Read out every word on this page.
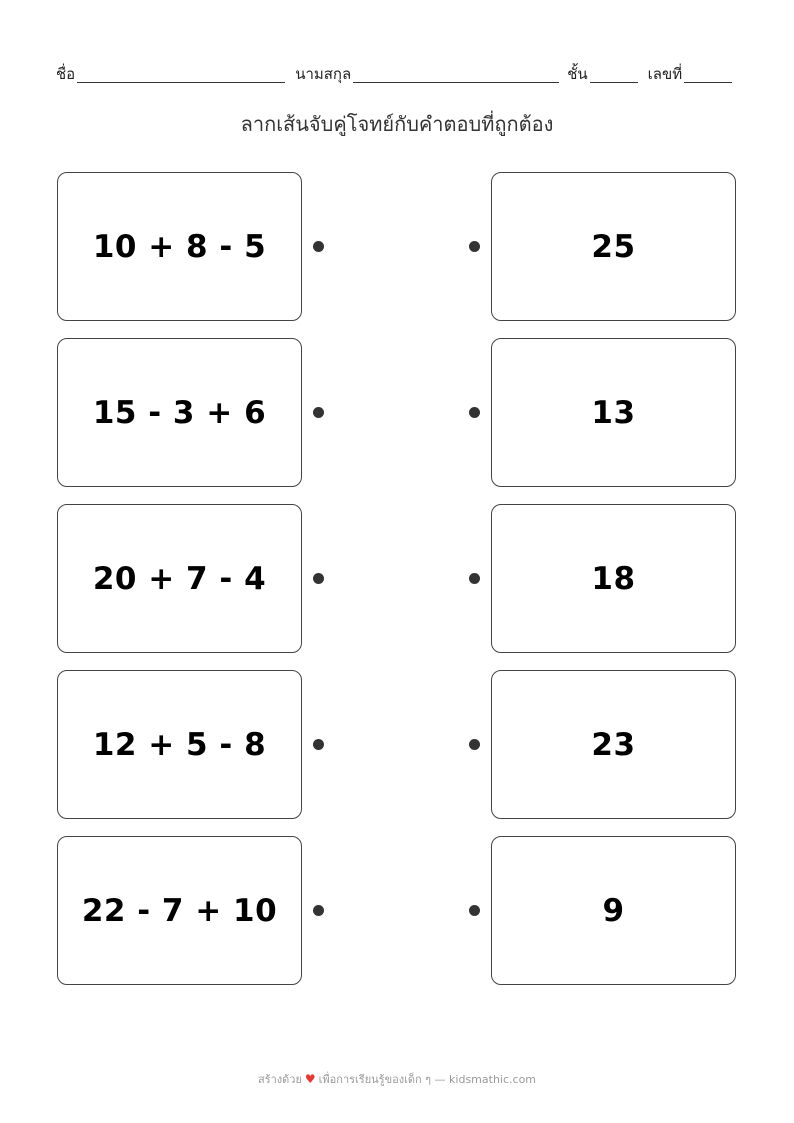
ชื่อ	นามสกุล	ชั้น	เลขที่
ลากเส้นจับคู่โจทย์กับคำตอบที่ถูกต้อง
10 + 8 - 5	25
15 - 3 + 6	13
20 + 7 - 4	18
12 + 5 - 8	23
22 - 7 + 10	9
สร้างด้วย ♥ เพื่อการเรียนรู้ของเด็ก ๆ — kidsmathic.com
